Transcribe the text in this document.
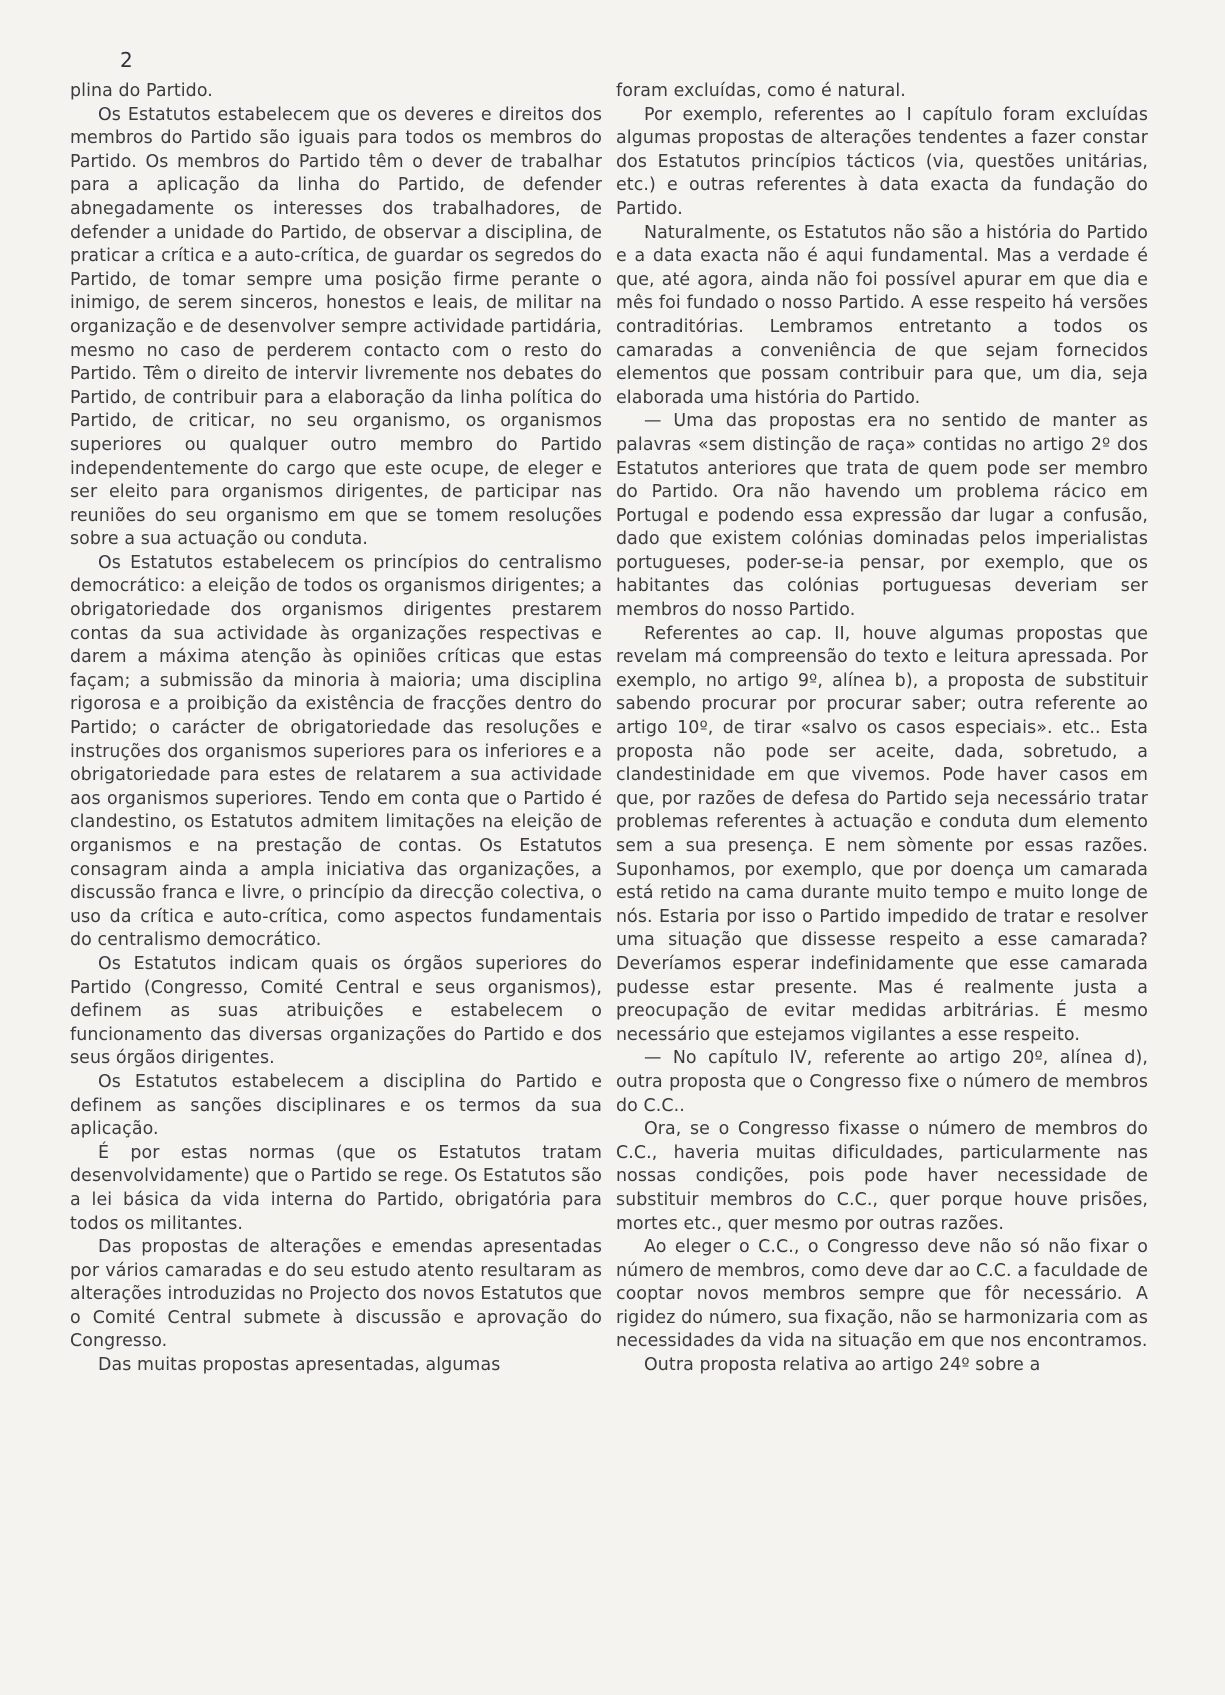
2

plina do Partido.

Os Estatutos estabelecem que os deveres e direitos dos membros do Partido são iguais para todos os membros do Partido. Os membros do Partido têm o dever de trabalhar para a aplicação da linha do Partido, de defender abnegadamente os interesses dos trabalhadores, de defender a unidade do Partido, de observar a disciplina, de praticar a crítica e a auto-crítica, de guardar os segredos do Partido, de tomar sempre uma posição firme perante o inimigo, de serem sinceros, honestos e leais, de militar na organização e de desenvolver sempre actividade partidária, mesmo no caso de perderem contacto com o resto do Partido. Têm o direito de intervir livremente nos debates do Partido, de contribuir para a elaboração da linha política do Partido, de criticar, no seu organismo, os organismos superiores ou qualquer outro membro do Partido independentemente do cargo que este ocupe, de eleger e ser eleito para organismos dirigentes, de participar nas reuniões do seu organismo em que se tomem resoluções sobre a sua actuação ou conduta.

Os Estatutos estabelecem os princípios do centralismo democrático: a eleição de todos os organismos dirigentes; a obrigatoriedade dos organismos dirigentes prestarem contas da sua actividade às organizações respectivas e darem a máxima atenção às opiniões críticas que estas façam; a submissão da minoria à maioria; uma disciplina rigorosa e a proibição da existência de fracções dentro do Partido; o carácter de obrigatoriedade das resoluções e instruções dos organismos superiores para os inferiores e a obrigatoriedade para estes de relatarem a sua actividade aos organismos superiores. Tendo em conta que o Partido é clandestino, os Estatutos admitem limitações na eleição de organismos e na prestação de contas. Os Estatutos consagram ainda a ampla iniciativa das organizações, a discussão franca e livre, o princípio da direcção colectiva, o uso da crítica e auto-crítica, como aspectos fundamentais do centralismo democrático.

Os Estatutos indicam quais os órgãos superiores do Partido (Congresso, Comité Central e seus organismos), definem as suas atribuições e estabelecem o funcionamento das diversas organizações do Partido e dos seus órgãos dirigentes.

Os Estatutos estabelecem a disciplina do Partido e definem as sanções disciplinares e os termos da sua aplicação.

É por estas normas (que os Estatutos tratam desenvolvidamente) que o Partido se rege. Os Estatutos são a lei básica da vida interna do Partido, obrigatória para todos os militantes.

Das propostas de alterações e emendas apresentadas por vários camaradas e do seu estudo atento resultaram as alterações introduzidas no Projecto dos novos Estatutos que o Comité Central submete à discussão e aprovação do Congresso.

Das muitas propostas apresentadas, algumas

foram excluídas, como é natural.

Por exemplo, referentes ao I capítulo foram excluídas algumas propostas de alterações tendentes a fazer constar dos Estatutos princípios tácticos (via, questões unitárias, etc.) e outras referentes à data exacta da fundação do Partido.

Naturalmente, os Estatutos não são a história do Partido e a data exacta não é aqui fundamental. Mas a verdade é que, até agora, ainda não foi possível apurar em que dia e mês foi fundado o nosso Partido. A esse respeito há versões contraditórias. Lembramos entretanto a todos os camaradas a conveniência de que sejam fornecidos elementos que possam contribuir para que, um dia, seja elaborada uma história do Partido.

— Uma das propostas era no sentido de manter as palavras «sem distinção de raça» contidas no artigo 2º dos Estatutos anteriores que trata de quem pode ser membro do Partido. Ora não havendo um problema rácico em Portugal e podendo essa expressão dar lugar a confusão, dado que existem colónias dominadas pelos imperialistas portugueses, poder-se-ia pensar, por exemplo, que os habitantes das colónias portuguesas deveriam ser membros do nosso Partido.

Referentes ao cap. II, houve algumas propostas que revelam má compreensão do texto e leitura apressada. Por exemplo, no artigo 9º, alínea b), a proposta de substituir sabendo procurar por procurar saber; outra referente ao artigo 10º, de tirar «salvo os casos especiais». etc.. Esta proposta não pode ser aceite, dada, sobretudo, a clandestinidade em que vivemos. Pode haver casos em que, por razões de defesa do Partido seja necessário tratar problemas referentes à actuação e conduta dum elemento sem a sua presença. E nem sòmente por essas razões. Suponhamos, por exemplo, que por doença um camarada está retido na cama durante muito tempo e muito longe de nós. Estaria por isso o Partido impedido de tratar e resolver uma situação que dissesse respeito a esse camarada? Deveríamos esperar indefinidamente que esse camarada pudesse estar presente. Mas é realmente justa a preocupação de evitar medidas arbitrárias. É mesmo necessário que estejamos vigilantes a esse respeito.

— No capítulo IV, referente ao artigo 20º, alínea d), outra proposta que o Congresso fixe o número de membros do C.C..

Ora, se o Congresso fixasse o número de membros do C.C., haveria muitas dificuldades, particularmente nas nossas condições, pois pode haver necessidade de substituir membros do C.C., quer porque houve prisões, mortes etc., quer mesmo por outras razões.

Ao eleger o C.C., o Congresso deve não só não fixar o número de membros, como deve dar ao C.C. a faculdade de cooptar novos membros sempre que fôr necessário. A rigidez do número, sua fixação, não se harmonizaria com as necessidades da vida na situação em que nos encontramos.

Outra proposta relativa ao artigo 24º sobre a
